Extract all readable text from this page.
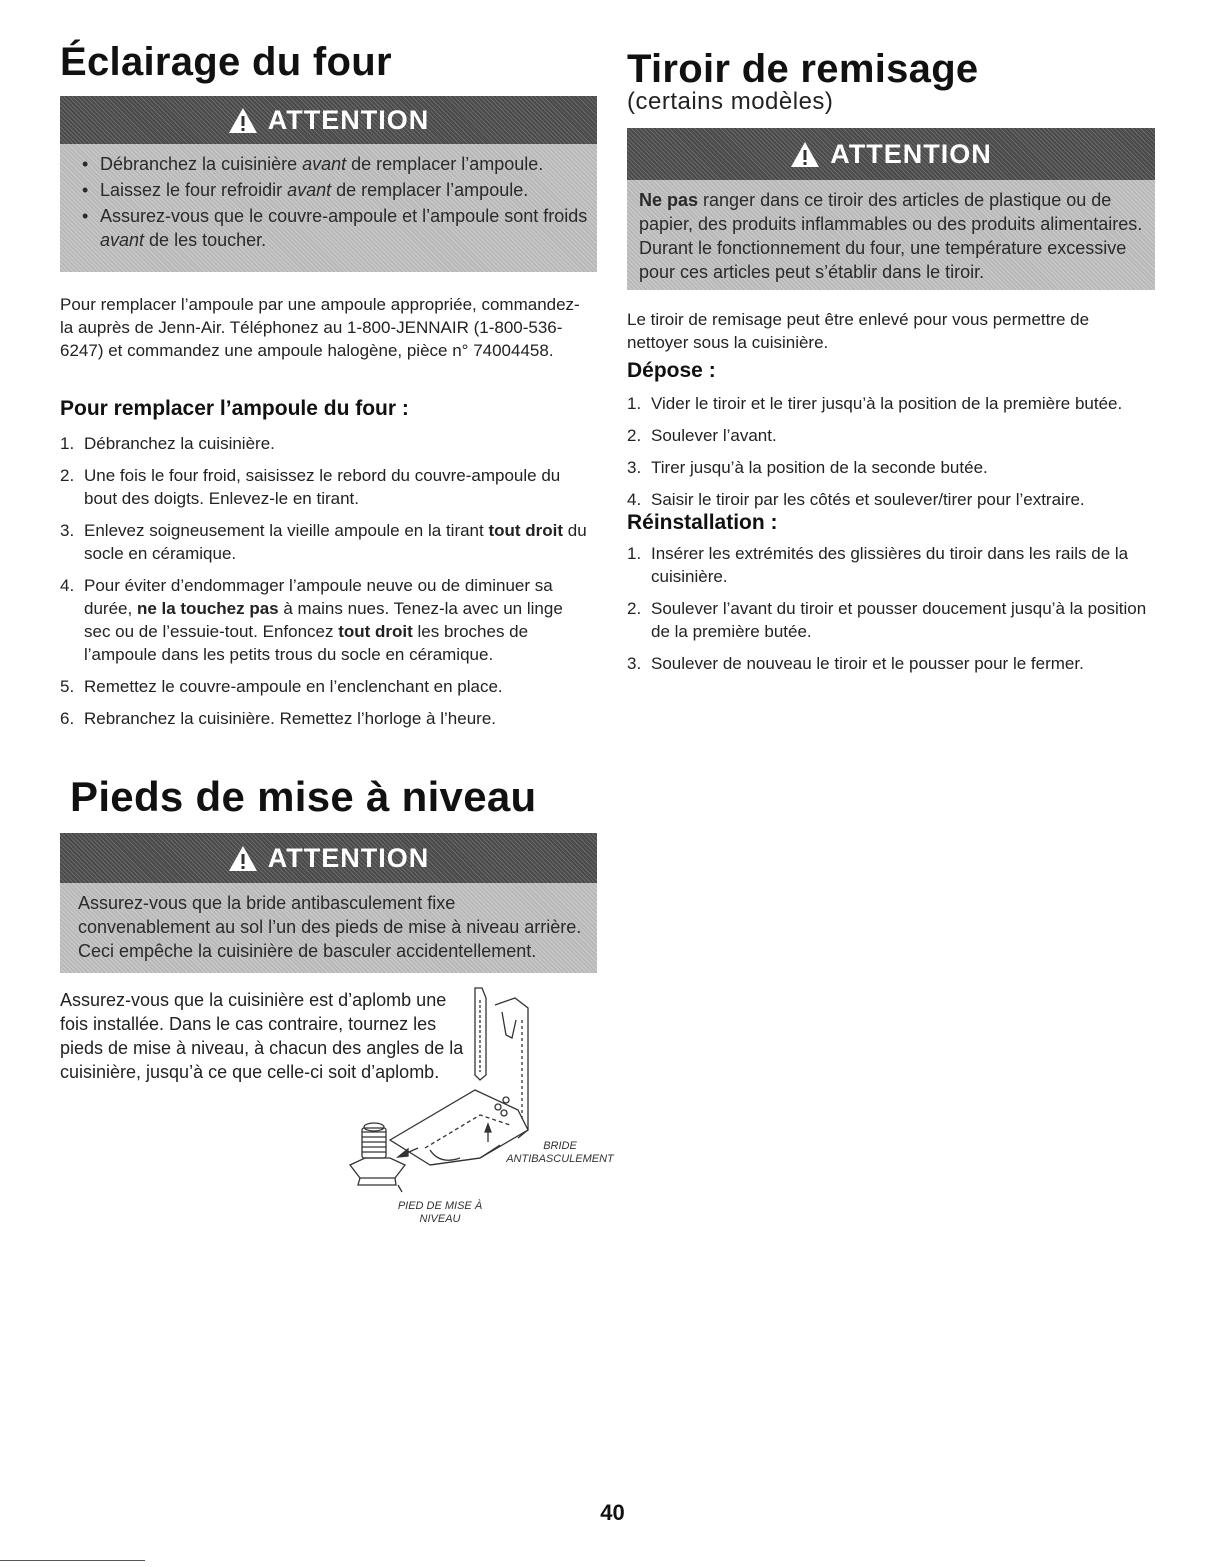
Éclairage du four
ATTENTION
• Débranchez la cuisinière avant de remplacer l’ampoule.
• Laissez le four refroidir avant de remplacer l’ampoule.
• Assurez-vous que le couvre-ampoule et l’ampoule sont froids avant de les toucher.

Pour remplacer l’ampoule par une ampoule appropriée, commandez-la auprès de Jenn-Air. Téléphonez au 1-800-JENNAIR (1-800-536-6247) et commandez une ampoule halogène, pièce n° 74004458.

Pour remplacer l’ampoule du four :
1. Débranchez la cuisinière.
2. Une fois le four froid, saisissez le rebord du couvre-ampoule du bout des doigts. Enlevez-le en tirant.
3. Enlevez soigneusement la vieille ampoule en la tirant tout droit du socle en céramique.
4. Pour éviter d’endommager l’ampoule neuve ou de diminuer sa durée, ne la touchez pas à mains nues. Tenez-la avec un linge sec ou de l’essuie-tout. Enfoncez tout droit les broches de l’ampoule dans les petits trous du socle en céramique.
5. Remettez le couvre-ampoule en l’enclenchant en place.
6. Rebranchez la cuisinière. Remettez l’horloge à l’heure.
Tiroir de remisage
(certains modèles)
ATTENTION
Ne pas ranger dans ce tiroir des articles de plastique ou de papier, des produits inflammables ou des produits alimentaires. Durant le fonctionnement du four, une température excessive pour ces articles peut s’établir dans le tiroir.

Le tiroir de remisage peut être enlevé pour vous permettre de nettoyer sous la cuisinière.

Dépose :
1. Vider le tiroir et le tirer jusqu’à la position de la première butée.
2. Soulever l’avant.
3. Tirer jusqu’à la position de la seconde butée.
4. Saisir le tiroir par les côtés et soulever/tirer pour l’extraire.
Réinstallation :
1. Insérer les extrémités des glissières du tiroir dans les rails de la cuisinière.
2. Soulever l’avant du tiroir et pousser doucement jusqu’à la position de la première butée.
3. Soulever de nouveau le tiroir et le pousser pour le fermer.
Pieds de mise à niveau
ATTENTION
Assurez-vous que la bride antibasculement fixe convenablement au sol l’un des pieds de mise à niveau arrière. Ceci empêche la cuisinière de basculer accidentellement.

Assurez-vous que la cuisinière est d’aplomb une fois installée. Dans le cas contraire, tournez les pieds de mise à niveau, à chacun des angles de la cuisinière, jusqu’à ce que celle-ci soit d’aplomb.

BRIDE
ANTIBASCULEMENT
PIED DE MISE À
NIVEAU
40
